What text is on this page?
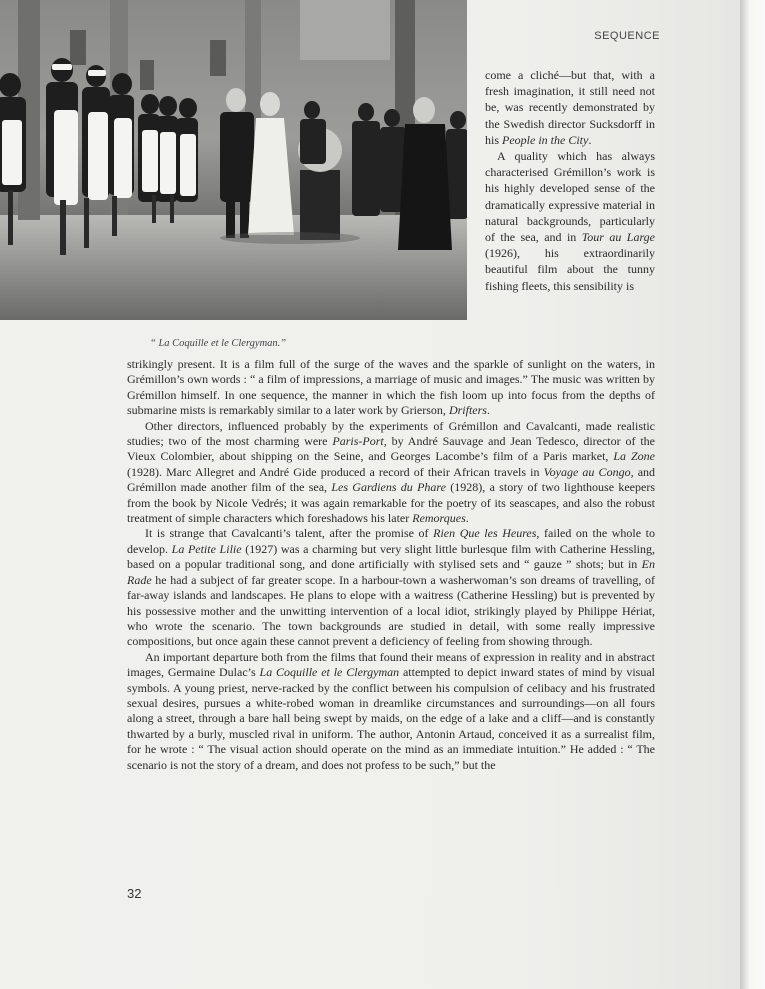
SEQUENCE

come a cliché—but that, with a fresh imagination, it still need not be, was recently demonstrated by the Swedish director Sucksdorff in his People in the City.

A quality which has always characterised Grémillon’s work is his highly developed sense of the dramatically expressive material in natural backgrounds, particularly of the sea, and in Tour au Large (1926), his extraordinarily beautiful film about the tunny fishing fleets, this sensibility is

“ La Coquille et le Clergyman.”

strikingly present. It is a film full of the surge of the waves and the sparkle of sunlight on the waters, in Grémillon’s own words : “ a film of impressions, a marriage of music and images.” The music was written by Grémillon himself. In one sequence, the manner in which the fish loom up into focus from the depths of submarine mists is remarkably similar to a later work by Grierson, Drifters.

Other directors, influenced probably by the experiments of Grémillon and Cavalcanti, made realistic studies; two of the most charming were Paris-Port, by André Sauvage and Jean Tedesco, director of the Vieux Colombier, about shipping on the Seine, and Georges Lacombe’s film of a Paris market, La Zone (1928). Marc Allegret and André Gide produced a record of their African travels in Voyage au Congo, and Grémillon made another film of the sea, Les Gardiens du Phare (1928), a story of two lighthouse keepers from the book by Nicole Vedrés; it was again remarkable for the poetry of its seascapes, and also the robust treatment of simple characters which foreshadows his later Remorques.

It is strange that Cavalcanti’s talent, after the promise of Rien Que les Heures, failed on the whole to develop. La Petite Lilie (1927) was a charming but very slight little burlesque film with Catherine Hessling, based on a popular traditional song, and done artificially with stylised sets and “ gauze ” shots; but in En Rade he had a subject of far greater scope. In a harbour-town a washerwoman’s son dreams of travelling, of far-away islands and landscapes. He plans to elope with a waitress (Catherine Hessling) but is prevented by his possessive mother and the unwitting intervention of a local idiot, strikingly played by Philippe Hériat, who wrote the scenario. The town backgrounds are studied in detail, with some really impressive compositions, but once again these cannot prevent a deficiency of feeling from showing through.

An important departure both from the films that found their means of expression in reality and in abstract images, Germaine Dulac’s La Coquille et le Clergyman attempted to depict inward states of mind by visual symbols. A young priest, nerve-racked by the conflict between his compulsion of celibacy and his frustrated sexual desires, pursues a white-robed woman in dreamlike circumstances and surroundings—on all fours along a street, through a bare hall being swept by maids, on the edge of a lake and a cliff—and is constantly thwarted by a burly, muscled rival in uniform. The author, Antonin Artaud, conceived it as a surrealist film, for he wrote : “ The visual action should operate on the mind as an immediate intuition.” He added : “ The scenario is not the story of a dream, and does not profess to be such,” but the

32
